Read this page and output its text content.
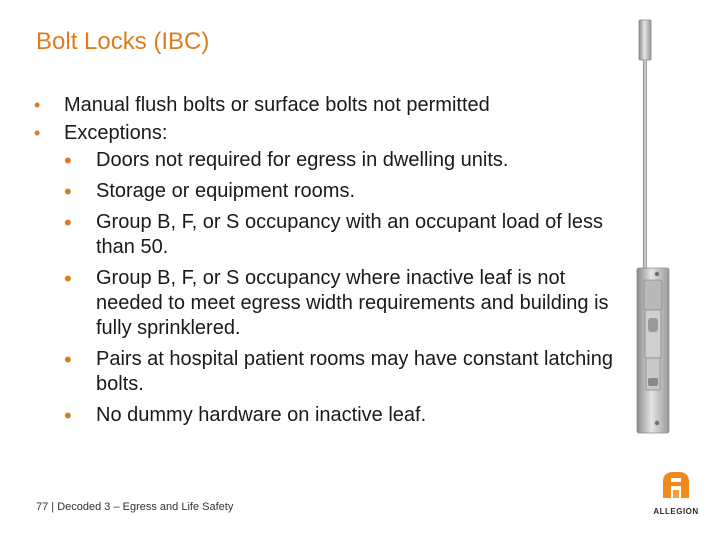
Bolt Locks (IBC)
• Manual flush bolts or surface bolts not permitted
• Exceptions:
• Doors not required for egress in dwelling units.
• Storage or equipment rooms.
• Group B, F, or S occupancy with an occupant load of less than 50.
• Group B, F, or S occupancy where inactive leaf is not needed to meet egress width requirements and building is fully sprinklered.
• Pairs at hospital patient rooms may have constant latching bolts.
• No dummy hardware on inactive leaf.
ALLEGION
77 | Decoded 3 – Egress and Life Safety
